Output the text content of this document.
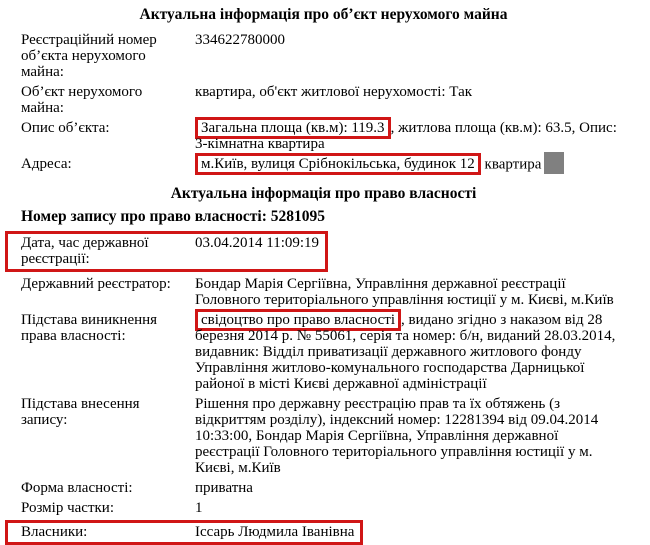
Актуальна інформація про об’єкт нерухомого майна
Реєстраційний номер об’єкта нерухомого майна:
334622780000
Об’єкт нерухомого майна:
квартира, об'єкт житлової нерухомості: Так
Опис об’єкта:	Загальна площа (кв.м): 119.3 , житлова площа (кв.м): 63.5, Опис: 3-кімнатна квартира
Адреса:	м.Київ, вулиця Срібнокільська, будинок 12 квартира
Актуальна інформація про право власності
Номер запису про право власності: 5281095
Дата, час державної реєстрації:
03.04.2014 11:09:19
Державний реєстратор:	Бондар Марія Сергіївна, Управління державної реєстрації Головного територіального управління юстиції у м. Києві, м.Київ
Підстава виникнення права власності:
свідоцтво про право власності , видано згідно з наказом від 28 березня 2014 р. № 55061, серія та номер: б/н, виданий 28.03.2014, видавник: Відділ приватизації державного житлового фонду Управління житлово-комунального господарства Дарницької районої в місті Києві державної адміністрації
Підстава внесення запису:
Рішення про державну реєстрацію прав та їх обтяжень (з відкриттям розділу), індексний номер: 12281394 від 09.04.2014 10:33:00, Бондар Марія Сергіївна, Управління державної реєстрації Головного територіального управління юстиції у м. Києві, м.Київ
Форма власності:	приватна
Розмір частки:	1
Власники:	Іссарь Людмила Іванівна
